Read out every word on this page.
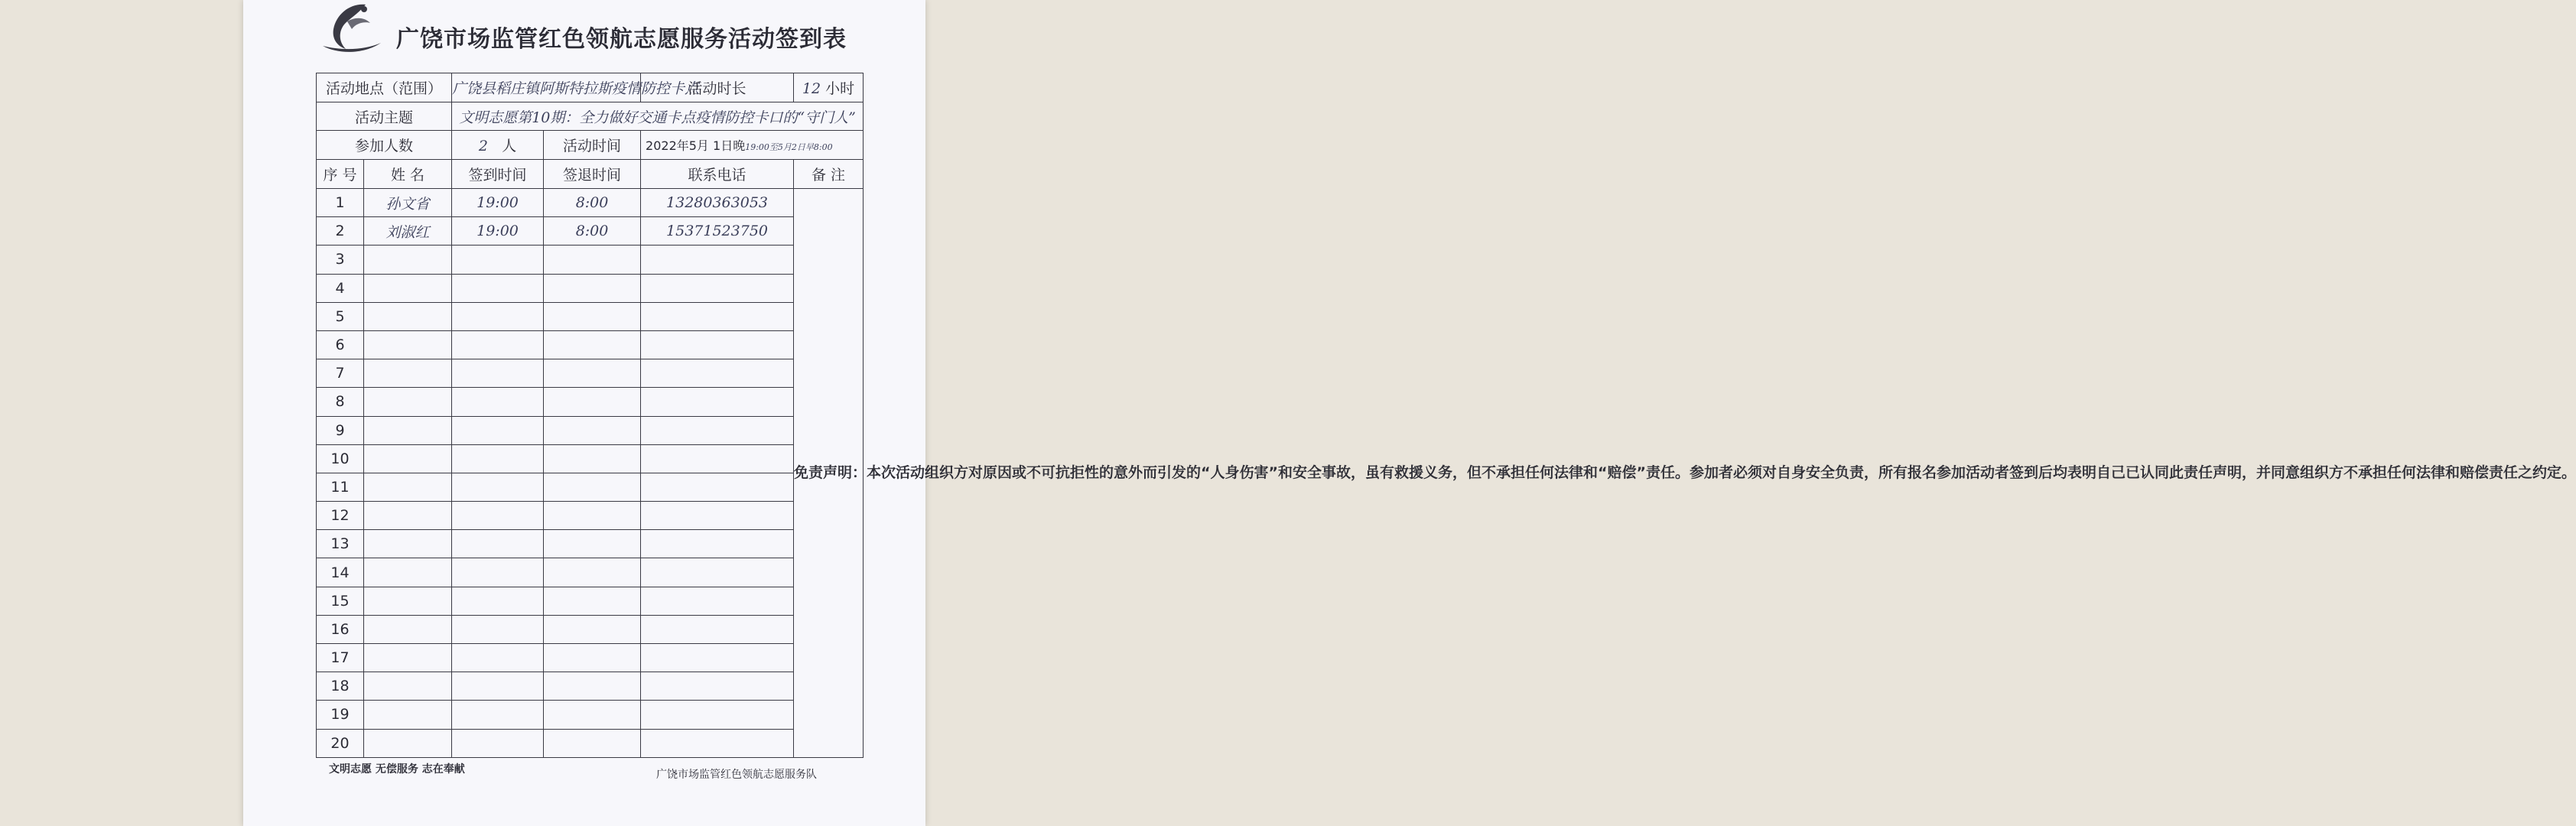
广饶市场监管红色领航志愿服务活动签到表
活动地点（范围）		广饶县稻庄镇阿斯特拉斯疫情防控卡点		活动时长	12 小时
活动主题		文明志愿第10期：全力做好交通卡点疫情防控卡口的“守门人”			
参加人数		2 人	活动时间	2022年5月 1日晚19:00至5月2日早8:00	
序 号	姓 名	签到时间	签退时间	联系电话	备 注
1	孙文省	19:00	8:00	13280363053	免责声明：本次活动组织方对原因或不可抗拒性的意外而引发的“人身伤害”和安全事故，虽有救援义务，但不承担任何法律和“赔偿”责任。参加者必须对自身安全负责，所有报名参加活动者签到后均表明自己已认同此责任声明，并同意组织方不承担任何法律和赔偿责任之约定。
2	刘淑红	19:00	8:00	15371523750	
3					
4					
5					
6					
7					
8					
9					
10					
11					
12					
13					
14					
15					
16					
17					
18					
19					
20					
文明志愿 无偿服务 志在奉献	广饶市场监管红色领航志愿服务队
